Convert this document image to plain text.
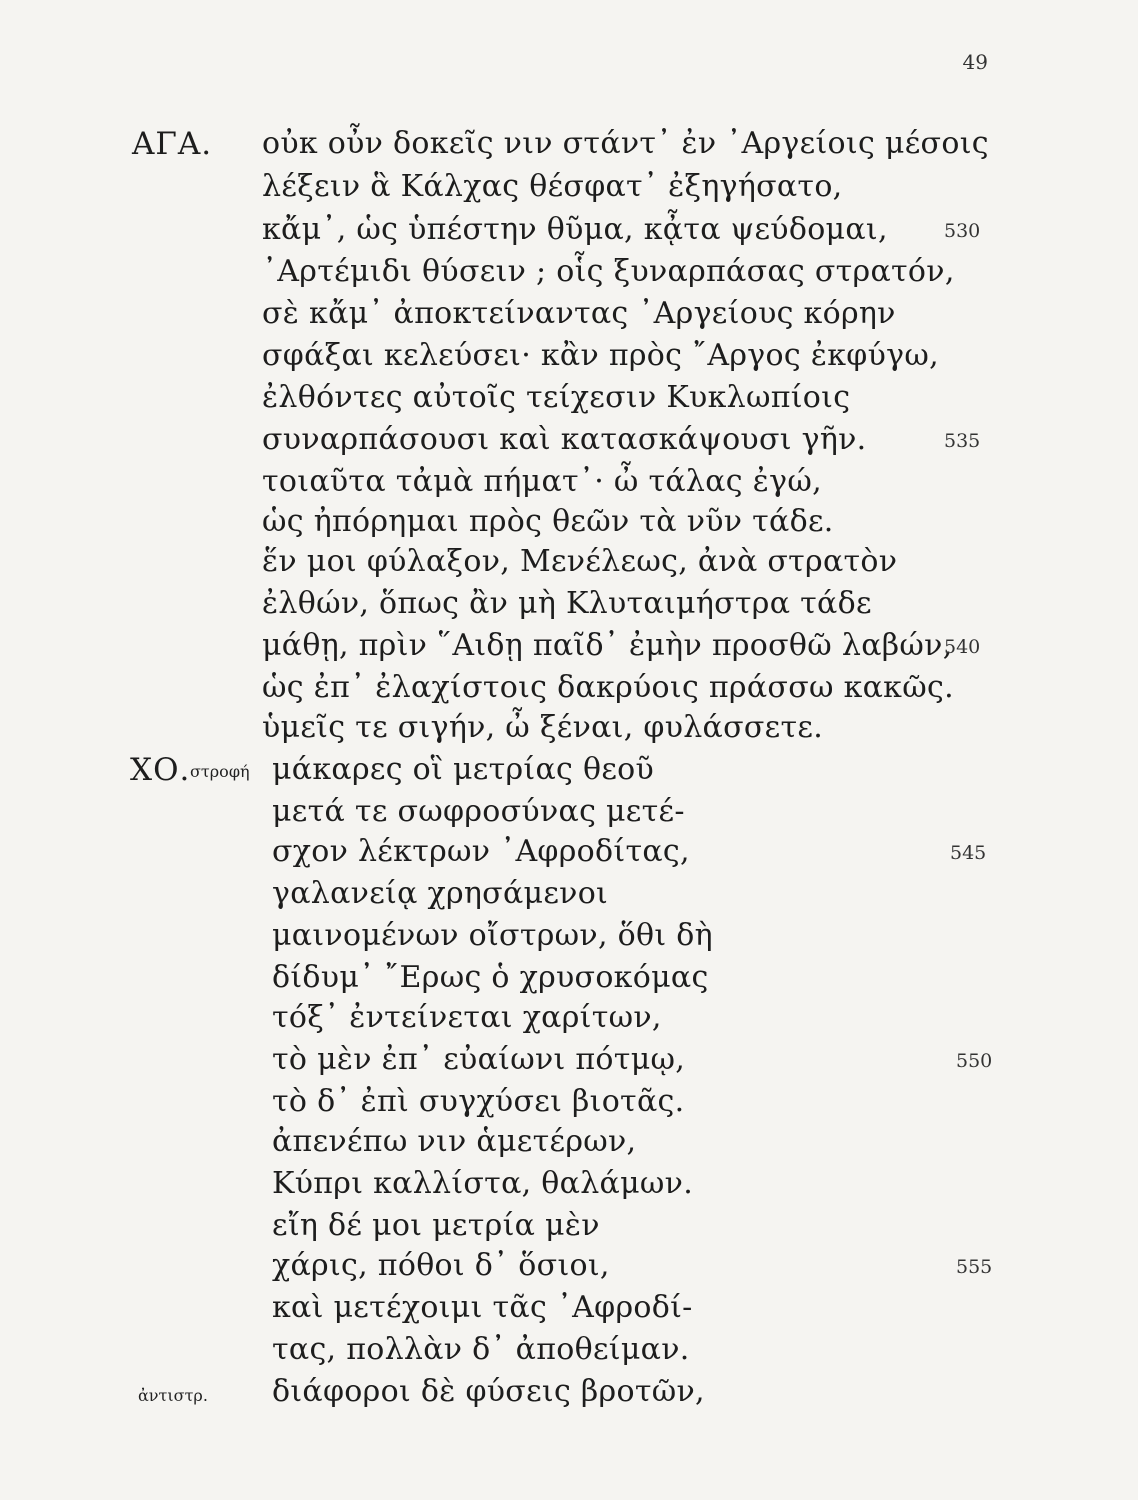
49
ΑΓΑ. οὐκ οὖν δοκεῖς νιν στάντ᾽ ἐν ᾿Αργείοις μέσοις
λέξειν ἃ Κάλχας θέσφατ᾽ ἐξηγήσατο,
κἄμ᾽, ὡς ὑπέστην θῦμα, κᾆτα ψεύδομαι,	530
᾿Αρτέμιδι θύσειν ; οἷς ξυναρπάσας στρατόν,
σὲ κἄμ᾽ ἀποκτείναντας ᾿Αργείους κόρην
σφάξαι κελεύσει· κἂν πρὸς ῎Αργος ἐκφύγω,
ἐλθόντες αὐτοῖς τείχεσιν Κυκλωπίοις
συναρπάσουσι καὶ κατασκάψουσι γῆν.	535
τοιαῦτα τἀμὰ πήματ᾽· ὦ τάλας ἐγώ,
ὡς ἠπόρημαι πρὸς θεῶν τὰ νῦν τάδε.
ἕν μοι φύλαξον, Μενέλεως, ἀνὰ στρατὸν
ἐλθών, ὅπως ἂν μὴ Κλυταιμήστρα τάδε
μάθῃ, πρὶν ῞Αιδῃ παῖδ᾽ ἐμὴν προσθῶ λαβών,
540
ὡς ἐπ᾽ ἐλαχίστοις δακρύοις πράσσω κακῶς.
ὑμεῖς τε σιγήν, ὦ ξέναι, φυλάσσετε.
ΧΟ. στροφή μάκαρες οἳ μετρίας θεοῦ
μετά τε σωφροσύνας μετέ-
σχον λέκτρων ᾿Αφροδίτας,	545
γαλανείᾳ χρησάμενοι
μαινομένων οἴστρων, ὅθι δὴ
δίδυμ᾽ ῎Ερως ὁ χρυσοκόμας
τόξ᾽ ἐντείνεται χαρίτων,
τὸ μὲν ἐπ᾽ εὐαίωνι πότμῳ,	550
τὸ δ᾽ ἐπὶ συγχύσει βιοτᾶς.
ἀπενέπω νιν ἁμετέρων,
Κύπρι καλλίστα, θαλάμων.
εἴη δέ μοι μετρία μὲν
χάρις, πόθοι δ᾽ ὅσιοι,	555
καὶ μετέχοιμι τᾶς ᾿Αφροδί-
τας, πολλὰν δ᾽ ἀποθείμαν.
ἀντιστρ. διάφοροι δὲ φύσεις βροτῶν,
